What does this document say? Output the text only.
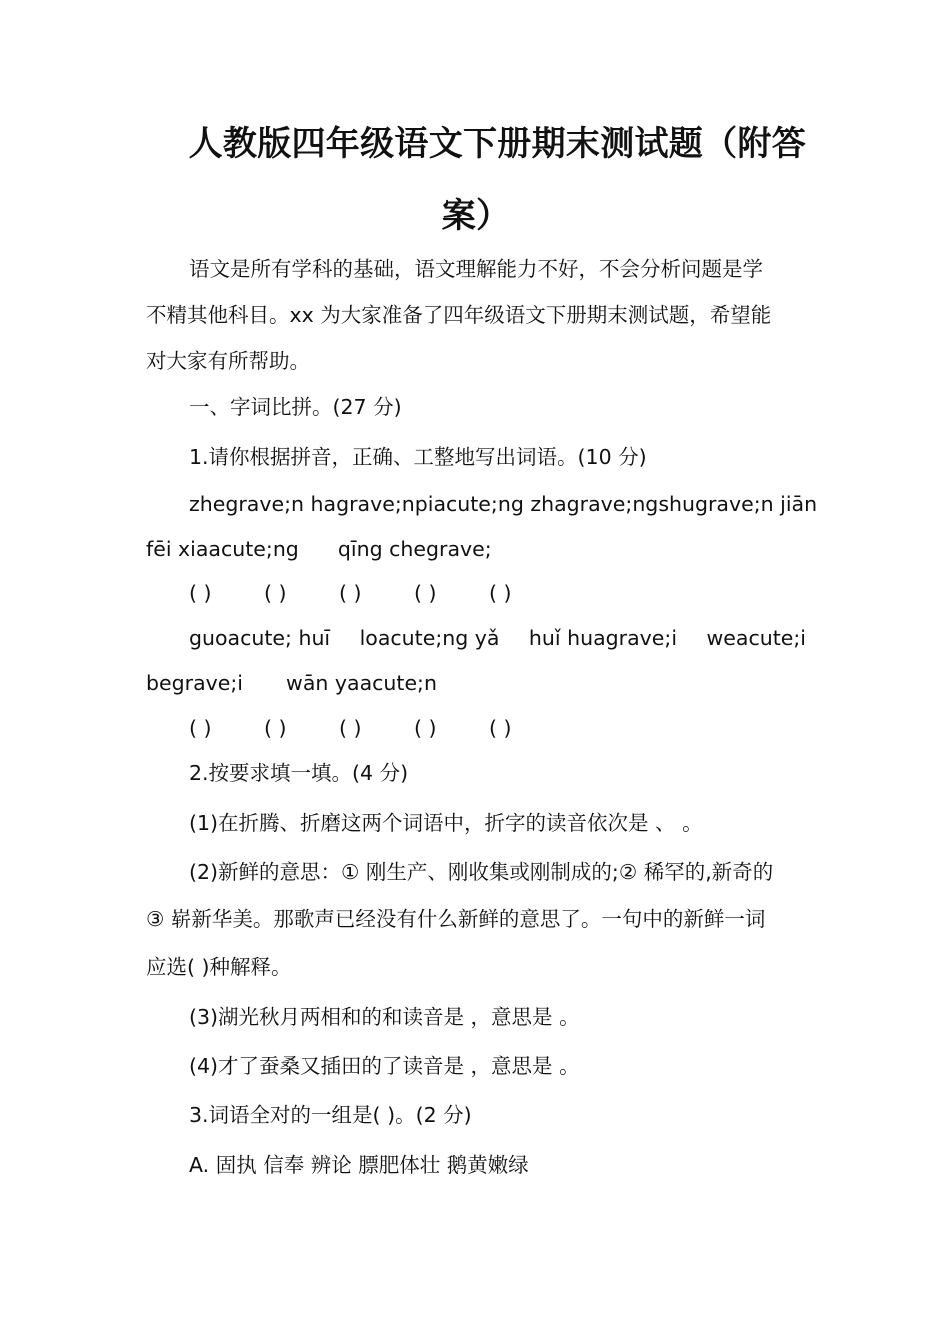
人教版四年级语文下册期末测试题（附答
案）
语文是所有学科的基础，语文理解能力不好，不会分析问题是学
不精其他科目。xx 为大家准备了四年级语文下册期末测试题，希望能
对大家有所帮助。
一、字词比拼。(27 分)
1.请你根据拼音，正确、工整地写出词语。(10 分)
zhegrave;n hagrave;n piacute;ng zhagrave;ng shugrave;n jiān
fēi xiaacute;ng qīng chegrave;
( )	( )	( )	( )	( )
guoacute; huī loacute;ng yǎ huǐ huagrave;i weacute;i
begrave;i wān yaacute;n
( )	( )	( )	( )	( )
2.按要求填一填。(4 分)
(1)在折腾、折磨这两个词语中，折字的读音依次是 、 。
(2)新鲜的意思：① 刚生产、刚收集或刚制成的;② 稀罕的,新奇的
③ 崭新华美。那歌声已经没有什么新鲜的意思了。一句中的新鲜一词
应选( )种解释。
(3)湖光秋月两相和的和读音是 ，意思是 。
(4)才了蚕桑又插田的了读音是 ，意思是 。
3.词语全对的一组是( )。(2 分)
A. 固执 信奉 辨论 膘肥体壮 鹅黄嫩绿
